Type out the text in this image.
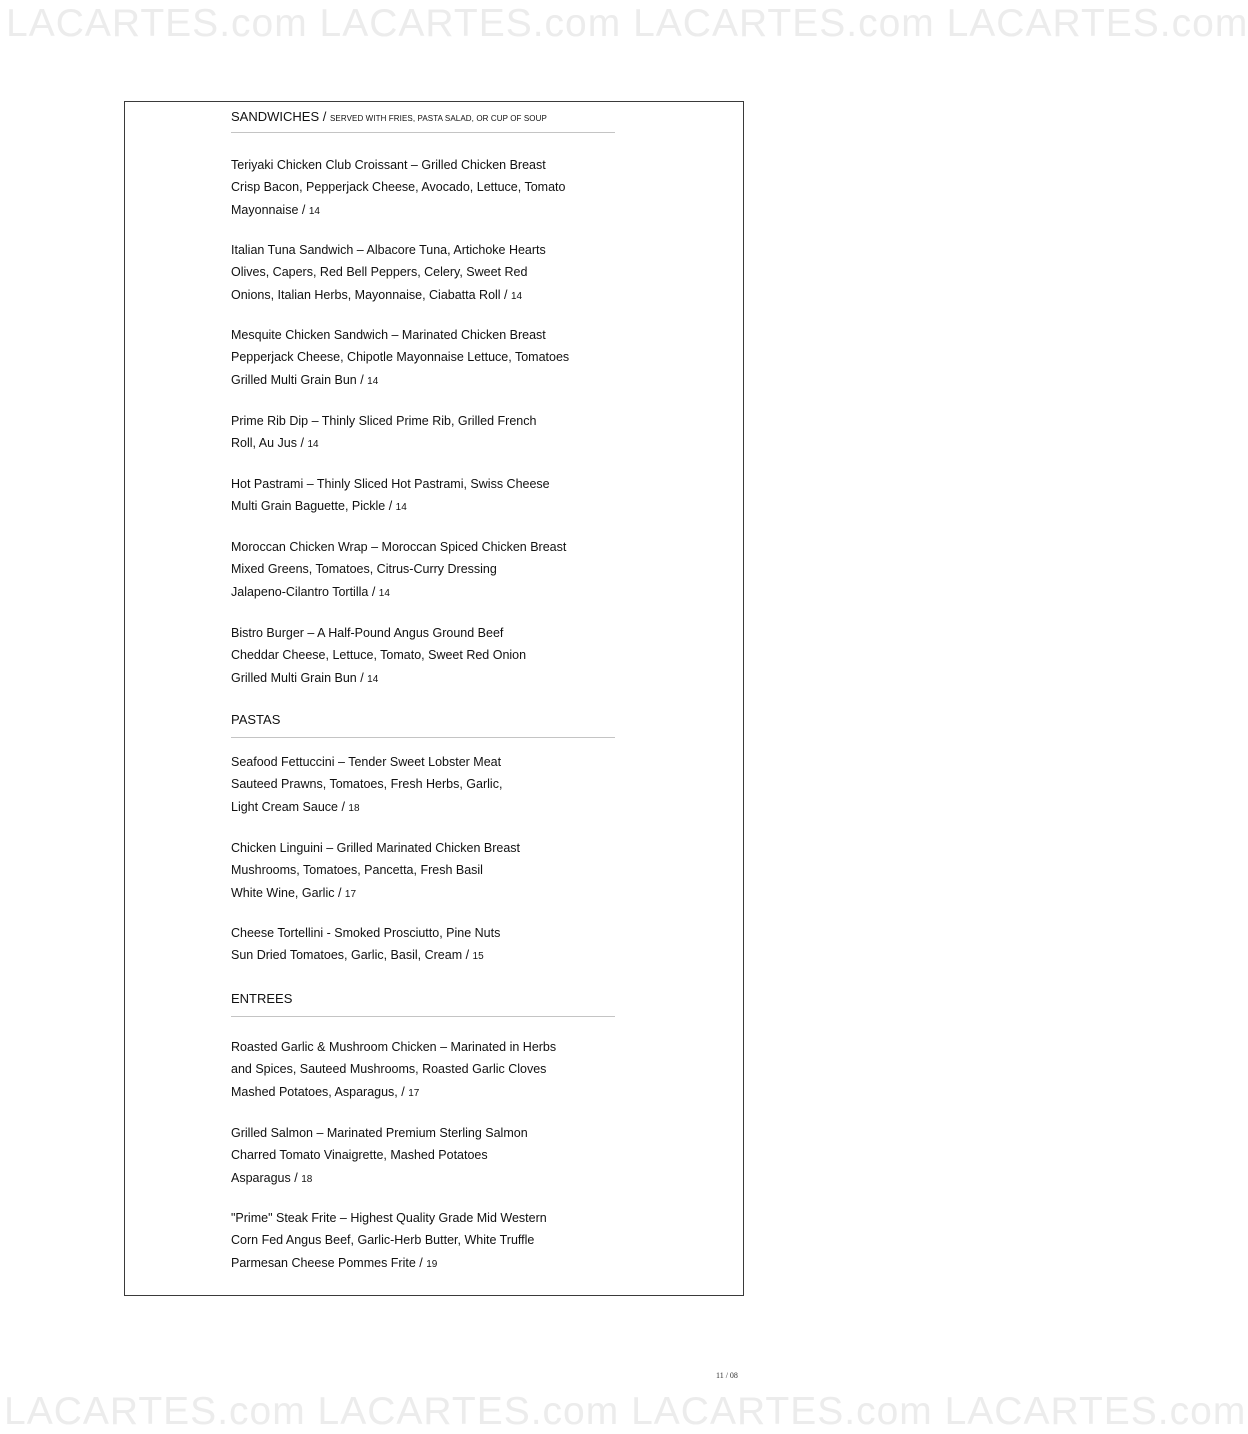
LACARTES.com LACARTES.com LACARTES.com LACARTES.com
SANDWICHES / SERVED WITH FRIES, PASTA SALAD, OR CUP OF SOUP
Teriyaki Chicken Club Croissant – Grilled Chicken Breast
Crisp Bacon, Pepperjack Cheese, Avocado, Lettuce, Tomato
Mayonnaise / 14
Italian Tuna Sandwich – Albacore Tuna, Artichoke Hearts
Olives, Capers, Red Bell Peppers, Celery, Sweet Red
Onions, Italian Herbs, Mayonnaise, Ciabatta Roll / 14
Mesquite Chicken Sandwich – Marinated Chicken Breast
Pepperjack Cheese, Chipotle Mayonnaise Lettuce, Tomatoes
Grilled Multi Grain Bun / 14
Prime Rib Dip – Thinly Sliced Prime Rib, Grilled French
Roll, Au Jus / 14
Hot Pastrami – Thinly Sliced Hot Pastrami, Swiss Cheese
Multi Grain Baguette, Pickle / 14
Moroccan Chicken Wrap – Moroccan Spiced Chicken Breast
Mixed Greens, Tomatoes, Citrus-Curry Dressing
Jalapeno-Cilantro Tortilla / 14
Bistro Burger – A Half-Pound Angus Ground Beef
Cheddar Cheese, Lettuce, Tomato, Sweet Red Onion
Grilled Multi Grain Bun / 14
PASTAS
Seafood Fettuccini – Tender Sweet Lobster Meat
Sauteed Prawns, Tomatoes, Fresh Herbs, Garlic,
Light Cream Sauce / 18
Chicken Linguini – Grilled Marinated Chicken Breast
Mushrooms, Tomatoes, Pancetta, Fresh Basil
White Wine, Garlic / 17
Cheese Tortellini - Smoked Prosciutto, Pine Nuts
Sun Dried Tomatoes, Garlic, Basil, Cream / 15
ENTREES
Roasted Garlic & Mushroom Chicken – Marinated in Herbs
and Spices, Sauteed Mushrooms, Roasted Garlic Cloves
Mashed Potatoes, Asparagus, / 17
Grilled Salmon – Marinated Premium Sterling Salmon
Charred Tomato Vinaigrette, Mashed Potatoes
Asparagus / 18
"Prime" Steak Frite – Highest Quality Grade Mid Western
Corn Fed Angus Beef, Garlic-Herb Butter, White Truffle
Parmesan Cheese Pommes Frite / 19
11 / 08
LACARTES.com LACARTES.com LACARTES.com LACARTES.com
